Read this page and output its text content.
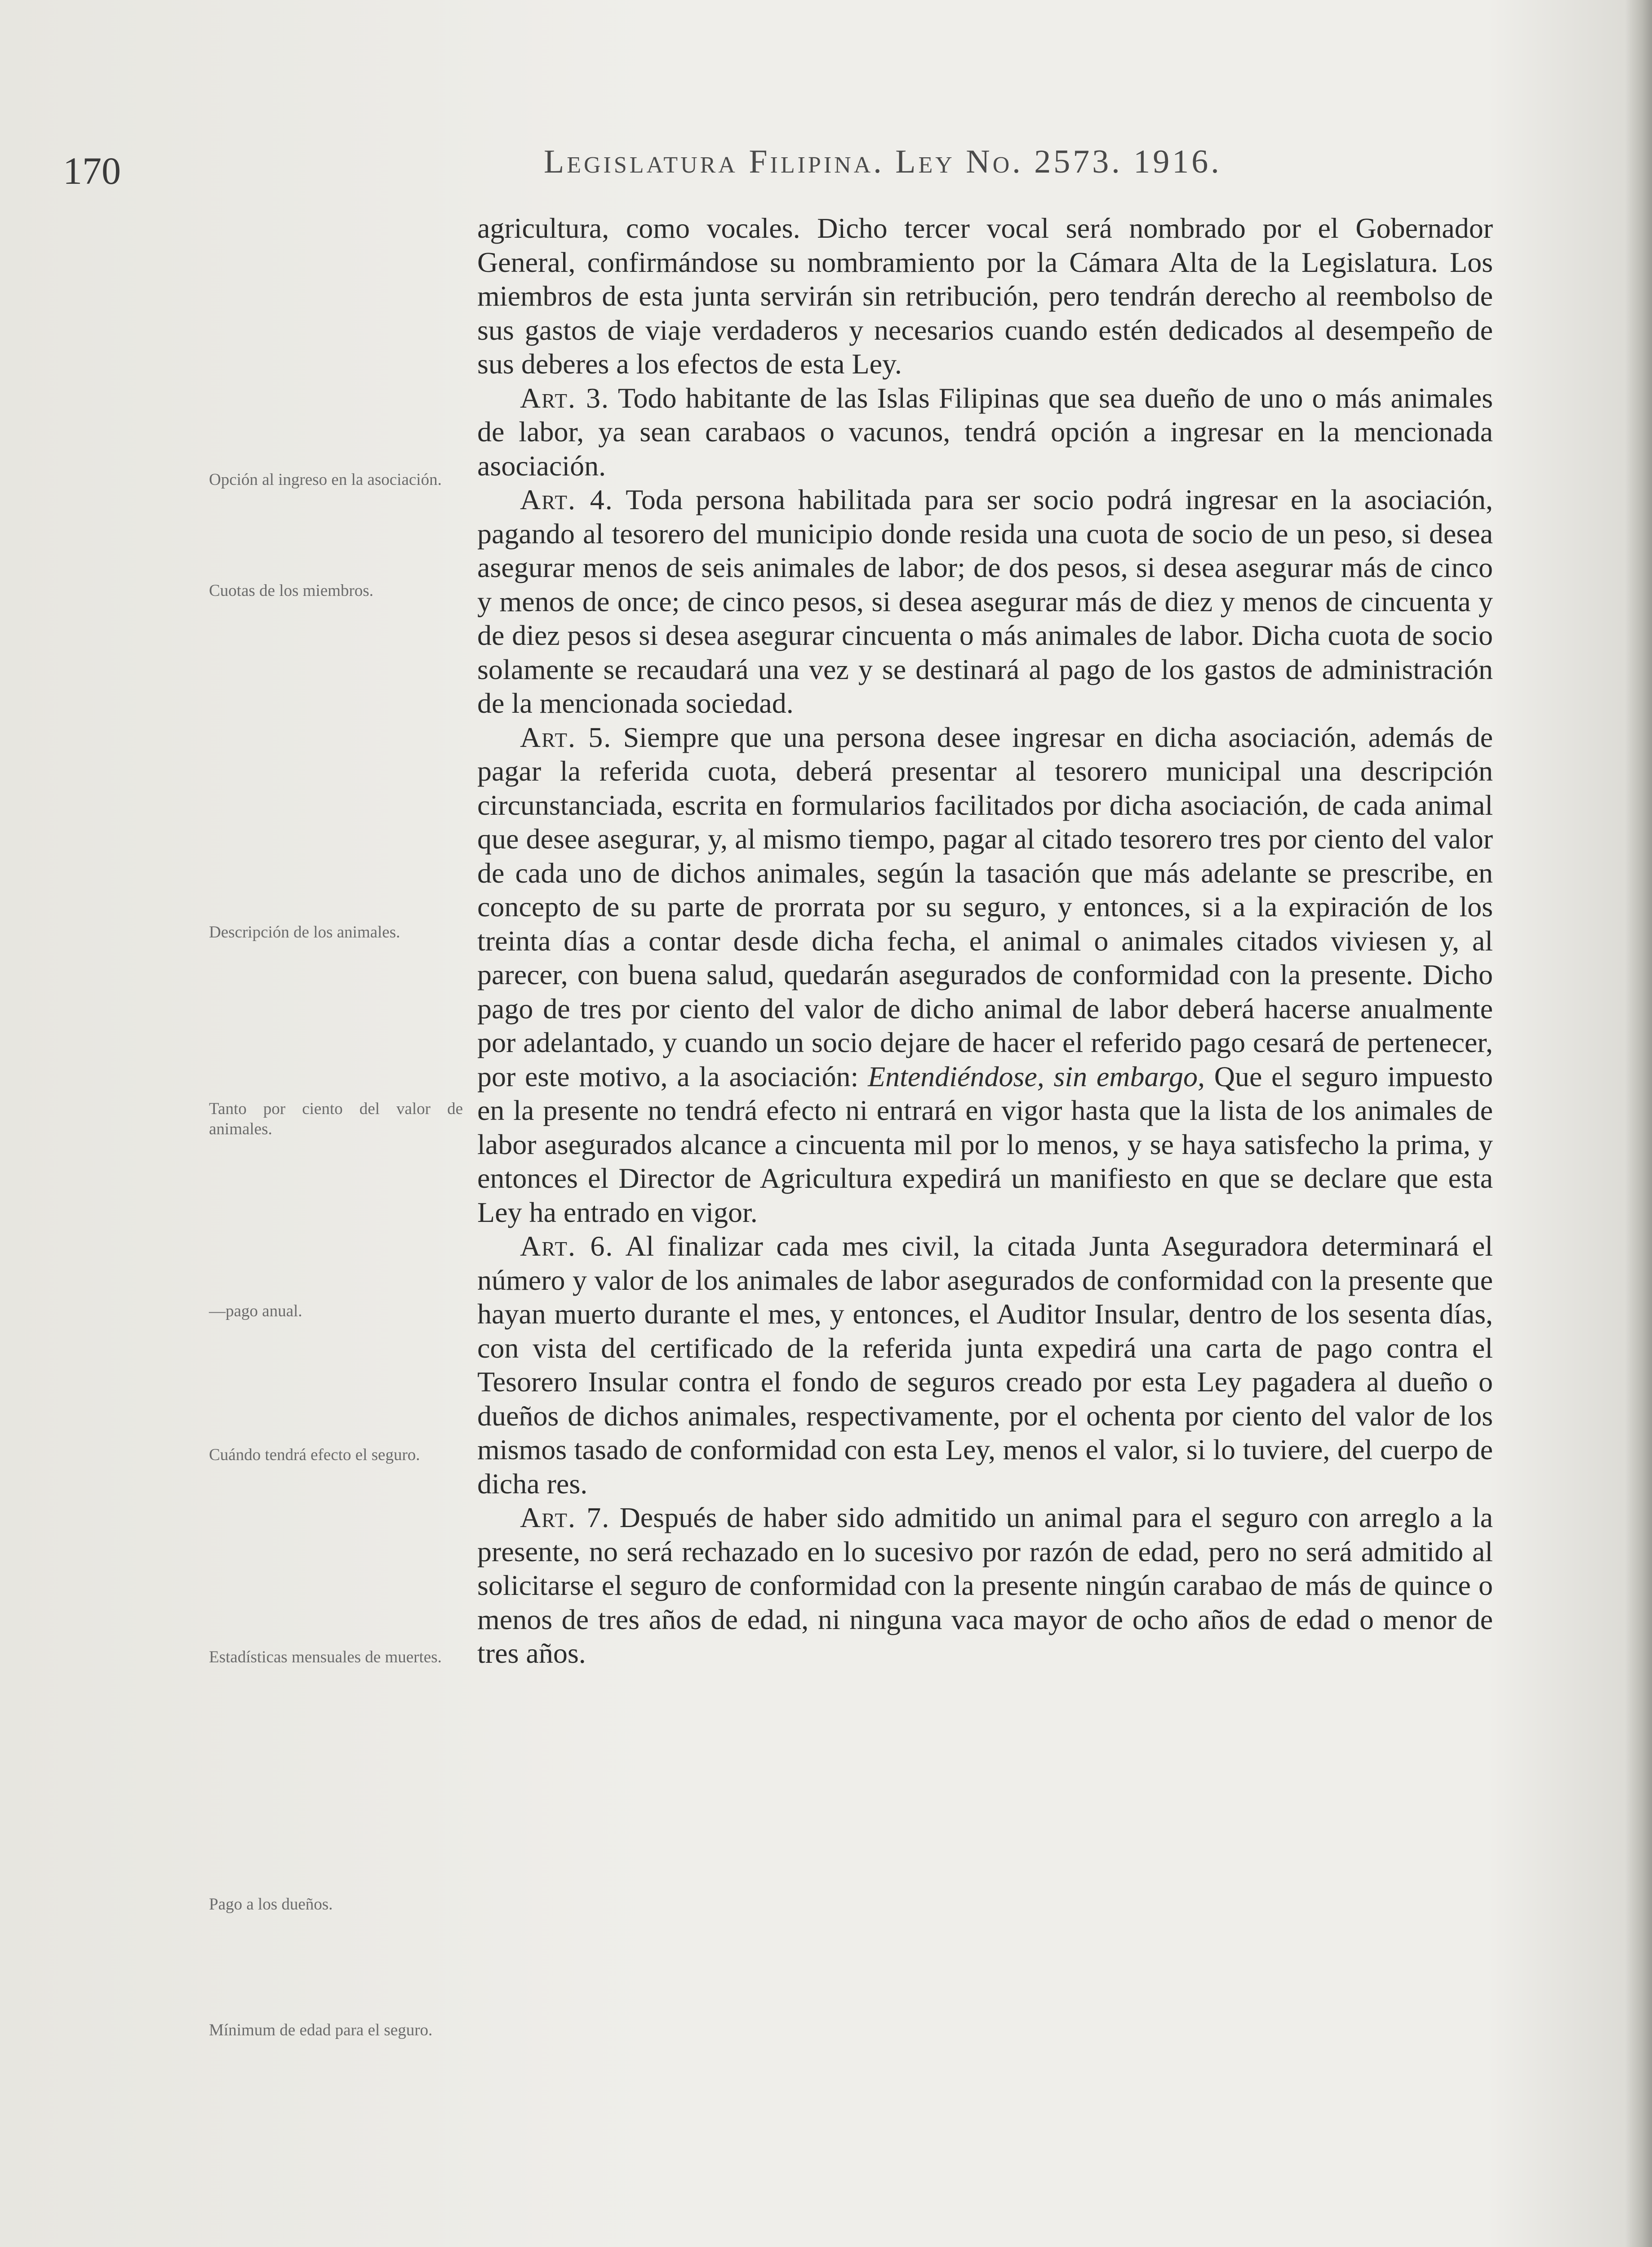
170	Legislatura Filipina. Ley No. 2573. 1916.
Opción al ingreso en la asociación.
Cuotas de los miembros.
Descripción de los animales.
Tanto por ciento del valor de animales.
—pago anual.
Cuándo tendrá efecto el seguro.
Estadísticas mensuales de muertes.
Pago a los dueños.
Mínimum de edad para el seguro.

agricultura, como vocales. Dicho tercer vocal será nombrado por el Gobernador General, confirmándose su nombramiento por la Cámara Alta de la Legislatura. Los miembros de esta junta servirán sin retribución, pero tendrán derecho al reembolso de sus gastos de viaje verdaderos y necesarios cuando estén dedicados al desempeño de sus deberes a los efectos de esta Ley.

Art. 3. Todo habitante de las Islas Filipinas que sea dueño de uno o más animales de labor, ya sean carabaos o vacunos, tendrá opción a ingresar en la mencionada asociación.

Art. 4. Toda persona habilitada para ser socio podrá ingresar en la asociación, pagando al tesorero del municipio donde resida una cuota de socio de un peso, si desea asegurar menos de seis animales de labor; de dos pesos, si desea asegurar más de cinco y menos de once; de cinco pesos, si desea asegurar más de diez y menos de cincuenta y de diez pesos si desea asegurar cincuenta o más animales de labor. Dicha cuota de socio solamente se recaudará una vez y se destinará al pago de los gastos de administración de la mencionada sociedad.

Art. 5. Siempre que una persona desee ingresar en dicha asociación, además de pagar la referida cuota, deberá presentar al tesorero municipal una descripción circunstanciada, escrita en formularios facilitados por dicha asociación, de cada animal que desee asegurar, y, al mismo tiempo, pagar al citado tesorero tres por ciento del valor de cada uno de dichos animales, según la tasación que más adelante se prescribe, en concepto de su parte de prorrata por su seguro, y entonces, si a la expiración de los treinta días a contar desde dicha fecha, el animal o animales citados viviesen y, al parecer, con buena salud, quedarán asegurados de conformidad con la presente. Dicho pago de tres por ciento del valor de dicho animal de labor deberá hacerse anualmente por adelantado, y cuando un socio dejare de hacer el referido pago cesará de pertenecer, por este motivo, a la asociación: Entendiéndose, sin embargo, Que el seguro impuesto en la presente no tendrá efecto ni entrará en vigor hasta que la lista de los animales de labor asegurados alcance a cincuenta mil por lo menos, y se haya satisfecho la prima, y entonces el Director de Agricultura expedirá un manifiesto en que se declare que esta Ley ha entrado en vigor.

Art. 6. Al finalizar cada mes civil, la citada Junta Aseguradora determinará el número y valor de los animales de labor asegurados de conformidad con la presente que hayan muerto durante el mes, y entonces, el Auditor Insular, dentro de los sesenta días, con vista del certificado de la referida junta expedirá una carta de pago contra el Tesorero Insular contra el fondo de seguros creado por esta Ley pagadera al dueño o dueños de dichos animales, respectivamente, por el ochenta por ciento del valor de los mismos tasado de conformidad con esta Ley, menos el valor, si lo tuviere, del cuerpo de dicha res.

Art. 7. Después de haber sido admitido un animal para el seguro con arreglo a la presente, no será rechazado en lo sucesivo por razón de edad, pero no será admitido al solicitarse el seguro de conformidad con la presente ningún carabao de más de quince o menos de tres años de edad, ni ninguna vaca mayor de ocho años de edad o menor de tres años.
